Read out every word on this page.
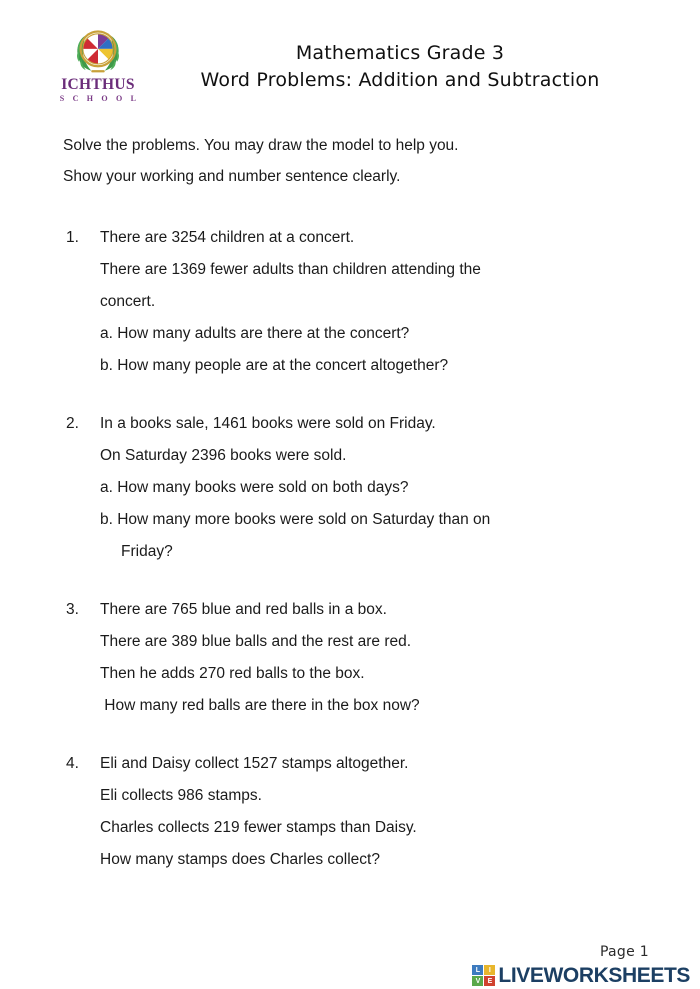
ICHTHUS
S C H O O L
Mathematics Grade 3
Word Problems: Addition and Subtraction
Solve the problems. You may draw the model to help you.
Show your working and number sentence clearly.
1. There are 3254 children at a concert.
There are 1369 fewer adults than children attending the
concert.
a. How many adults are there at the concert?
b. How many people are at the concert altogether?
2. In a books sale, 1461 books were sold on Friday.
On Saturday 2396 books were sold.
a. How many books were sold on both days?
b. How many more books were sold on Saturday than on
Friday?
3. There are 765 blue and red balls in a box.
There are 389 blue balls and the rest are red.
Then he adds 270 red balls to the box.
How many red balls are there in the box now?
4. Eli and Daisy collect 1527 stamps altogether.
Eli collects 986 stamps.
Charles collects 219 fewer stamps than Daisy.
How many stamps does Charles collect?
Page 1
L	I
V	E LIVEWORKSHEETS
